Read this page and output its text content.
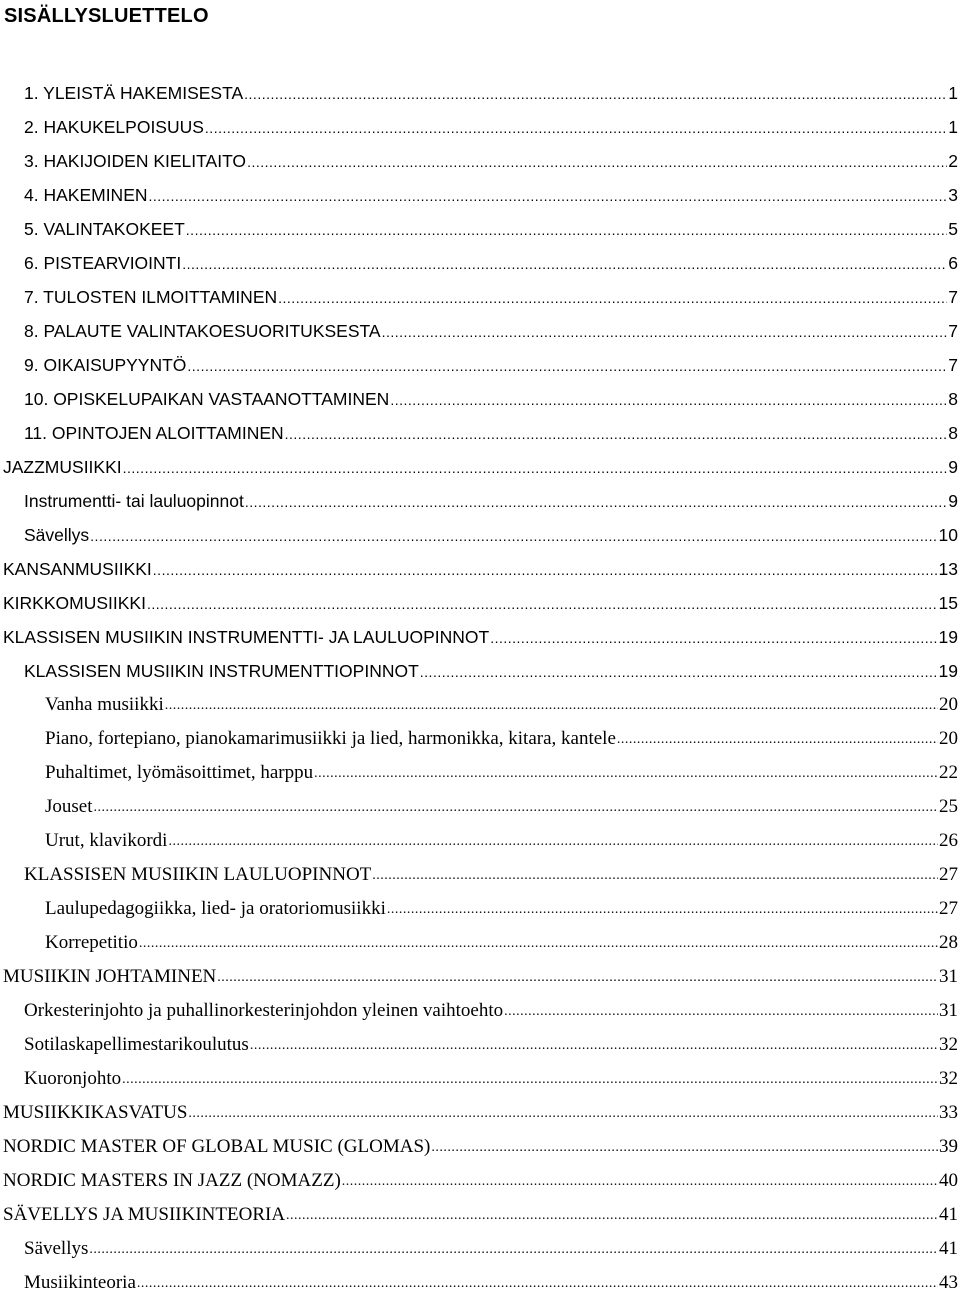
SISÄLLYSLUETTELO
1. YLEISTÄ HAKEMISESTA .....	1
2. HAKUKELPOISUUS .....	1
3. HAKIJOIDEN KIELITAITO .....	2
4. HAKEMINEN .....	3
5. VALINTAKOKEET .....	5
6. PISTEARVIOINTI .....	6
7. TULOSTEN ILMOITTAMINEN .....	7
8. PALAUTE VALINTAKOESUORITUKSESTA .....	7
9. OIKAISUPYYNTÖ .....	7
10. OPISKELUPAIKAN VASTAANOTTAMINEN .....	8
11. OPINTOJEN ALOITTAMINEN .....	8
JAZZMUSIIKKI .....	9
Instrumentti- tai lauluopinnot .....	9
Sävellys .....	10
KANSANMUSIIKKI .....	13
KIRKKOMUSIIKKI .....	15
KLASSISEN MUSIIKIN INSTRUMENTTI- JA LAULUOPINNOT .....	19
KLASSISEN MUSIIKIN INSTRUMENTTIOPINNOT .....	19
Vanha musiikki .....	20
Piano, fortepiano, pianokamarimusiikki ja lied, harmonikka, kitara, kantele .....	20
Puhaltimet, lyömäsoittimet, harppu .....	22
Jouset .....	25
Urut, klavikordi .....	26
KLASSISEN MUSIIKIN LAULUOPINNOT .....	27
Laulupedagogiikka, lied- ja oratoriomusiikki .....	27
Korrepetitio .....	28
MUSIIKIN JOHTAMINEN .....	31
Orkesterinjohto ja puhallinorkesterinjohdon yleinen vaihtoehto .....	31
Sotilaskapellimestarikoulutus .....	32
Kuoronjohto .....	32
MUSIIKKIKASVATUS .....	33
NORDIC MASTER OF GLOBAL MUSIC (GLOMAS) .....	39
NORDIC MASTERS IN JAZZ (NOMAZZ) .....	40
SÄVELLYS JA MUSIIKINTEORIA .....	41
Sävellys .....	41
Musiikinteoria .....	43
